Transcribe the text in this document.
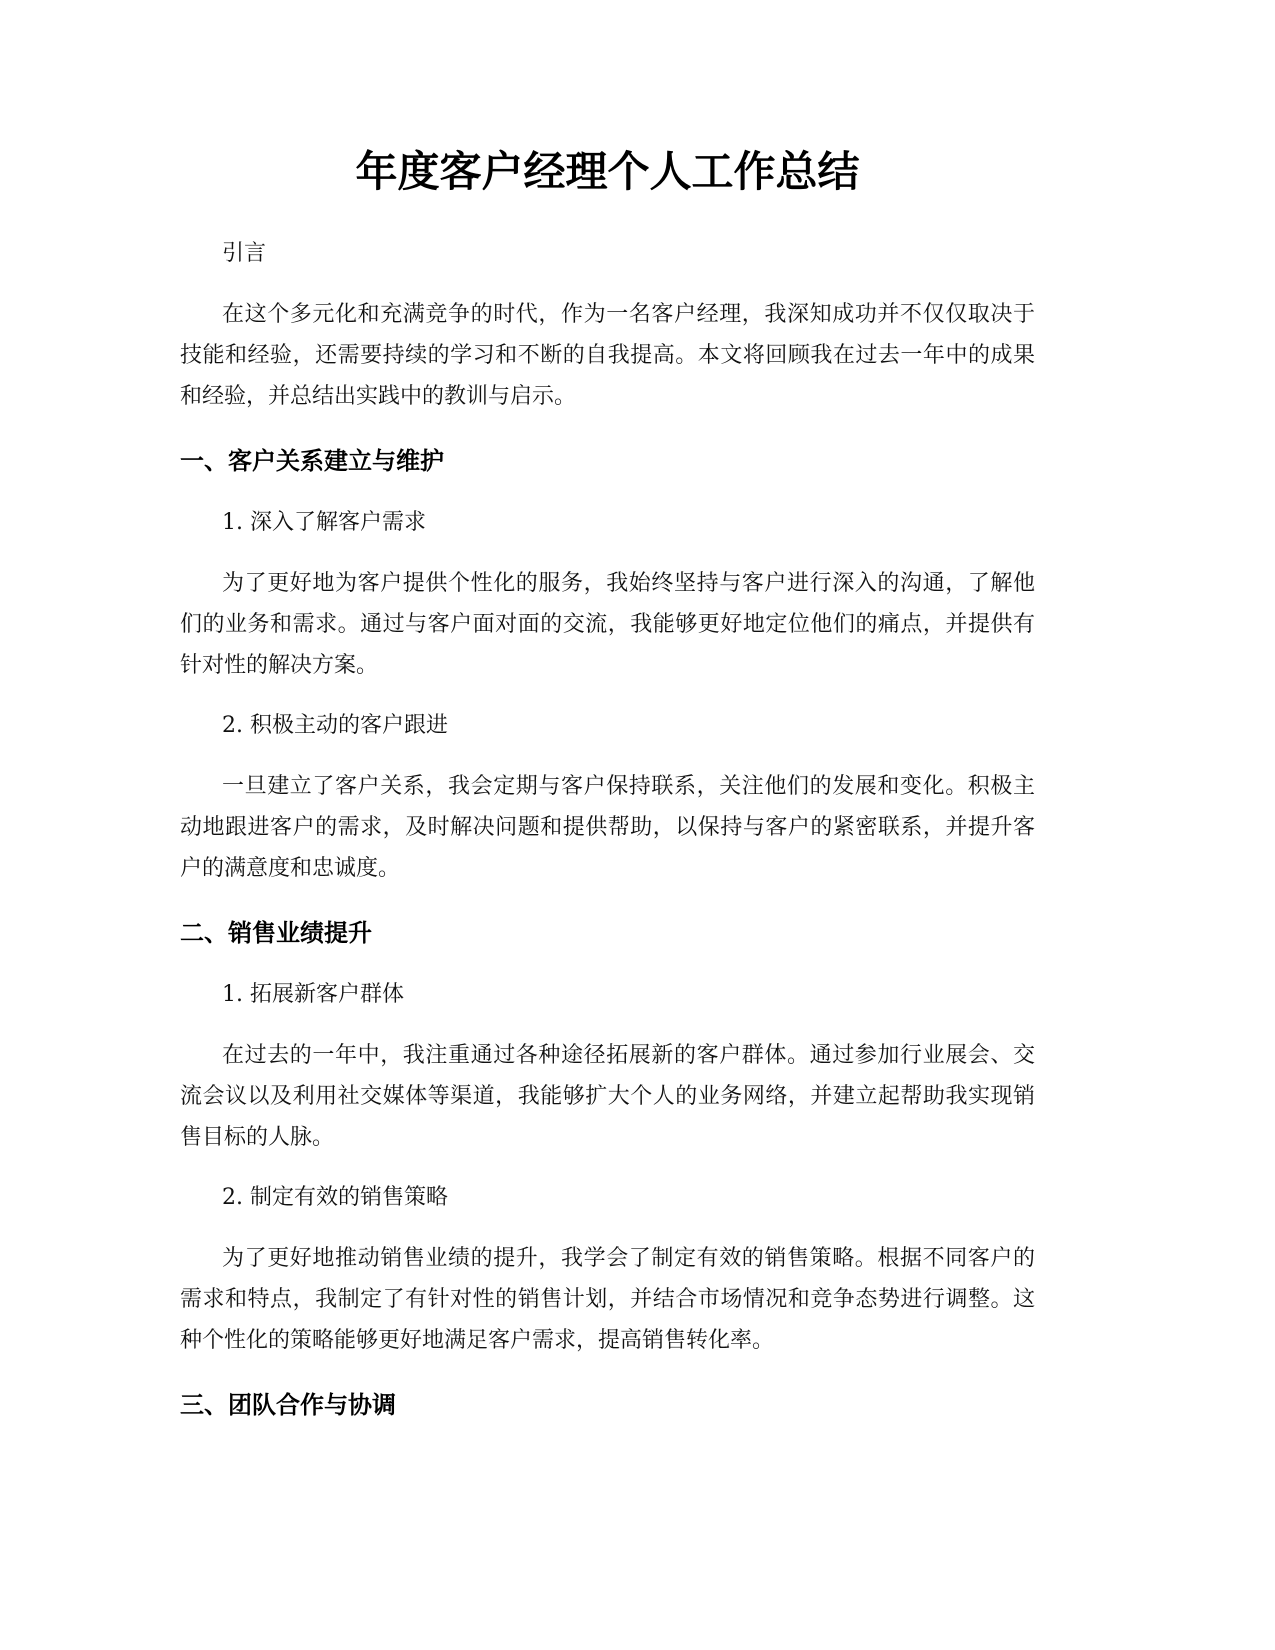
年度客户经理个人工作总结

引言

在这个多元化和充满竞争的时代，作为一名客户经理，我深知成功并不仅仅取决于技能和经验，还需要持续的学习和不断的自我提高。本文将回顾我在过去一年中的成果和经验，并总结出实践中的教训与启示。

一、客户关系建立与维护

1. 深入了解客户需求

为了更好地为客户提供个性化的服务，我始终坚持与客户进行深入的沟通，了解他们的业务和需求。通过与客户面对面的交流，我能够更好地定位他们的痛点，并提供有针对性的解决方案。

2. 积极主动的客户跟进

一旦建立了客户关系，我会定期与客户保持联系，关注他们的发展和变化。积极主动地跟进客户的需求，及时解决问题和提供帮助，以保持与客户的紧密联系，并提升客户的满意度和忠诚度。

二、销售业绩提升

1. 拓展新客户群体

在过去的一年中，我注重通过各种途径拓展新的客户群体。通过参加行业展会、交流会议以及利用社交媒体等渠道，我能够扩大个人的业务网络，并建立起帮助我实现销售目标的人脉。

2. 制定有效的销售策略

为了更好地推动销售业绩的提升，我学会了制定有效的销售策略。根据不同客户的需求和特点，我制定了有针对性的销售计划，并结合市场情况和竞争态势进行调整。这种个性化的策略能够更好地满足客户需求，提高销售转化率。

三、团队合作与协调
